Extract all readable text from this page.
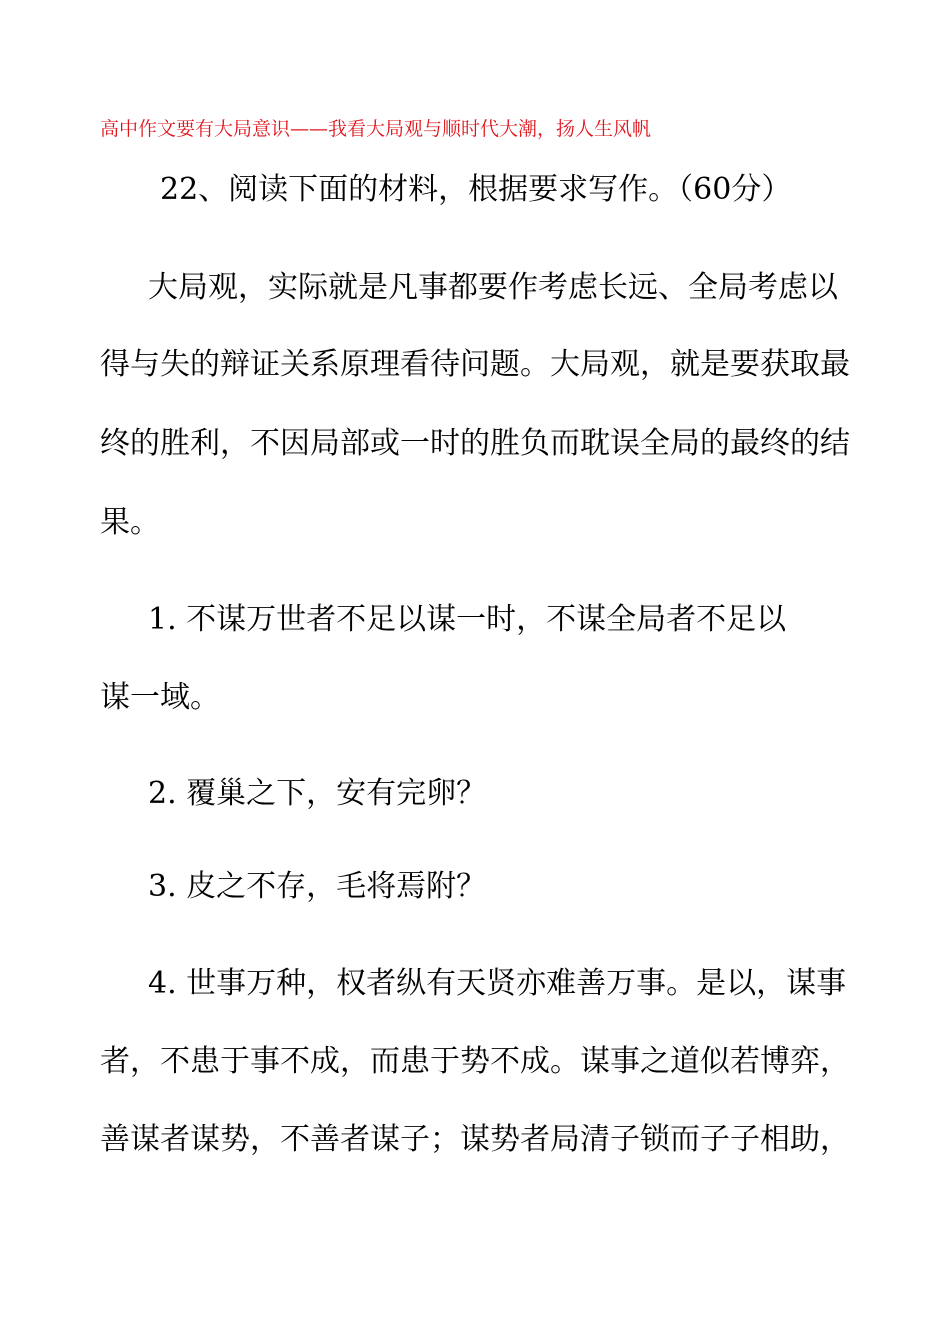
高中作文要有大局意识——我看大局观与顺时代大潮，扬人生风帆
22、阅读下面的材料，根据要求写作。（60分）
大局观，实际就是凡事都要作考虑长远、全局考虑以
得与失的辩证关系原理看待问题。大局观，就是要获取最
终的胜利，不因局部或一时的胜负而耽误全局的最终的结
果。
1. 不谋万世者不足以谋一时，不谋全局者不足以
谋一域。
2. 覆巢之下，安有完卵？
3. 皮之不存，毛将焉附？
4. 世事万种，权者纵有天贤亦难善万事。是以，谋事
者，不患于事不成，而患于势不成。谋事之道似若博弈，
善谋者谋势，不善者谋子；谋势者局清子锁而子子相助，
